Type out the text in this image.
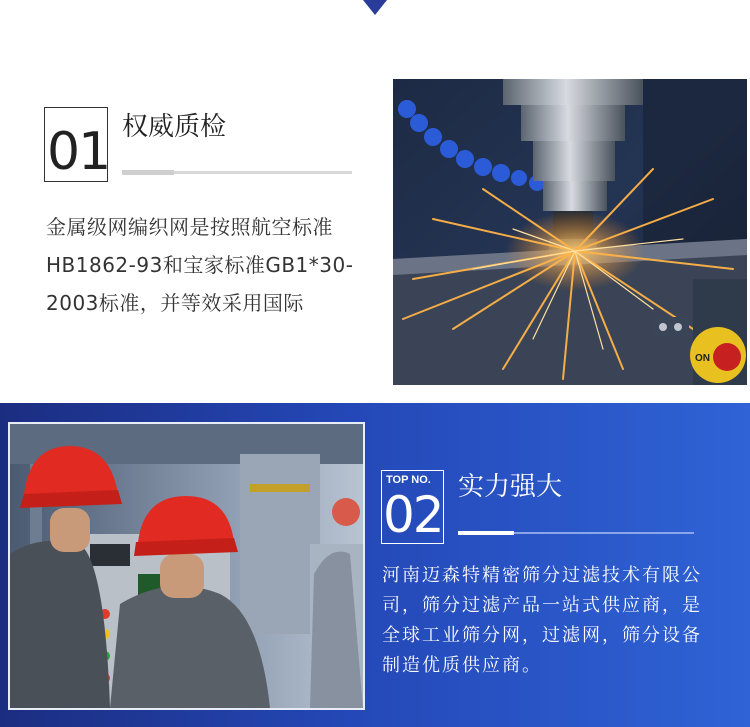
01 权威质检
金属级网编织网是按照航空标准HB1862-93和宝家标准GB1*30-2003标准，并等效采用国际
ON
TOP NO.
02 实力强大
河南迈森特精密筛分过滤技术有限公司，筛分过滤产品一站式供应商，是全球工业筛分网，过滤网，筛分设备制造优质供应商。
